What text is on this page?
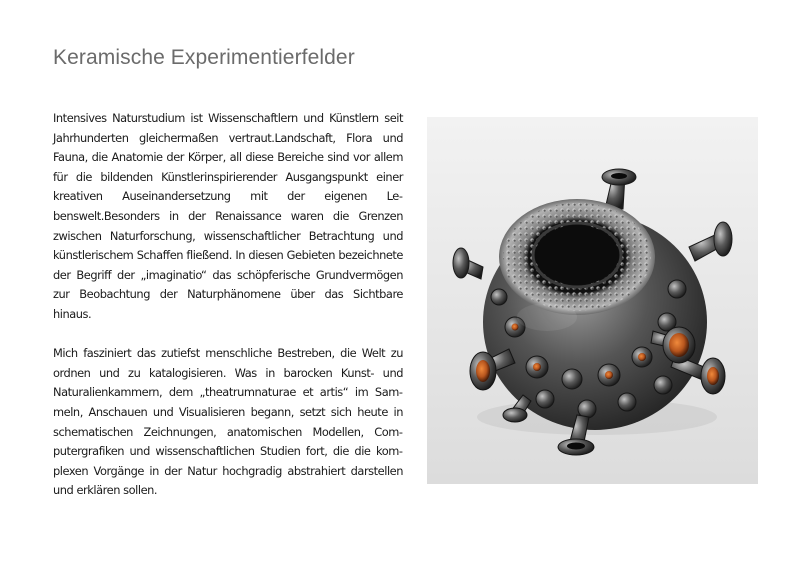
Keramische Experimentierfelder

Intensives Naturstudium ist Wissenschaftlern und Künstlern seit Jahrhunderten gleichermaßen vertraut.Landschaft, Flora und Fauna, die Anatomie der Körper, all diese Bereiche sind vor allem für die bildenden Künstlerinspirierender Ausgangspunkt einer kreativen Auseinandersetzung mit der eigenen Lebenswelt.Besonders in der Renaissance waren die Grenzen zwischen Naturforschung, wissenschaftlicher Betrachtung und künstlerischem Schaffen fließend. In diesen Gebieten bezeichnete der Begriff der „imaginatio“ das schöpferische Grundvermögen zur Beobachtung der Naturphänomene über das Sichtbare hinaus.

Mich fasziniert das zutiefst menschliche Bestreben, die Welt zu ordnen und zu katalogisieren. Was in barocken Kunst- und Naturalienkammern, dem „theatrumnaturae et artis“ im Sammeln, Anschauen und Visualisieren begann, setzt sich heute in schematischen Zeichnungen, anatomischen Modellen, Computergrafiken und wissenschaftlichen Studien fort, die die komplexen Vorgänge in der Natur hochgradig abstrahiert darstellen und erklären sollen.
